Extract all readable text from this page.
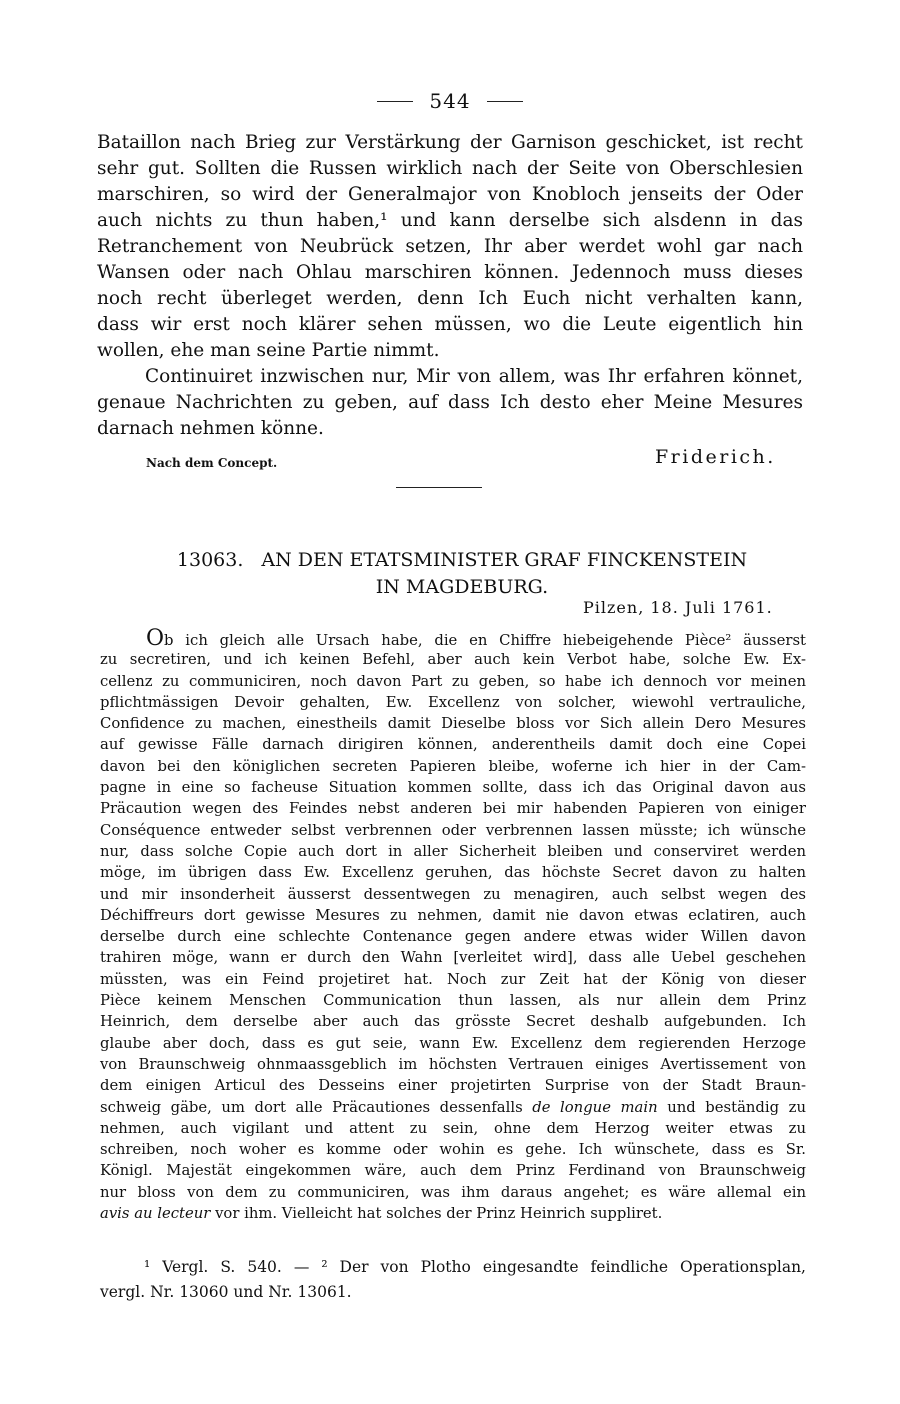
544
Bataillon nach Brieg zur Verstärkung der Garnison geschicket, ist recht
sehr gut. Sollten die Russen wirklich nach der Seite von Oberschlesien
marschiren, so wird der Generalmajor von Knobloch jenseits der Oder
auch nichts zu thun haben,¹ und kann derselbe sich alsdenn in das
Retranchement von Neubrück setzen, Ihr aber werdet wohl gar nach
Wansen oder nach Ohlau marschiren können. Jedennoch muss dieses
noch recht überleget werden, denn Ich Euch nicht verhalten kann,
dass wir erst noch klärer sehen müssen, wo die Leute eigentlich hin
wollen, ehe man seine Partie nimmt.
Continuiret inzwischen nur, Mir von allem, was Ihr erfahren könnet,
genaue Nachrichten zu geben, auf dass Ich desto eher Meine Mesures
darnach nehmen könne.
Nach dem Concept.	Friderich.
13063. AN DEN ETATSMINISTER GRAF FINCKENSTEIN
IN MAGDEBURG.
Pilzen, 18. Juli 1761.
Ob ich gleich alle Ursach habe, die en Chiffre hiebeigehende Pièce² äusserst
zu secretiren, und ich keinen Befehl, aber auch kein Verbot habe, solche Ew. Ex-
cellenz zu communiciren, noch davon Part zu geben, so habe ich dennoch vor meinen
pflichtmässigen Devoir gehalten, Ew. Excellenz von solcher, wiewohl vertrauliche,
Confidence zu machen, einestheils damit Dieselbe bloss vor Sich allein Dero Mesures
auf gewisse Fälle darnach dirigiren können, anderentheils damit doch eine Copei
davon bei den königlichen secreten Papieren bleibe, woferne ich hier in der Cam-
pagne in eine so facheuse Situation kommen sollte, dass ich das Original davon aus
Präcaution wegen des Feindes nebst anderen bei mir habenden Papieren von einiger
Conséquence entweder selbst verbrennen oder verbrennen lassen müsste; ich wünsche
nur, dass solche Copie auch dort in aller Sicherheit bleiben und conserviret werden
möge, im übrigen dass Ew. Excellenz geruhen, das höchste Secret davon zu halten
und mir insonderheit äusserst dessentwegen zu menagiren, auch selbst wegen des
Déchiffreurs dort gewisse Mesures zu nehmen, damit nie davon etwas eclatiren, auch
derselbe durch eine schlechte Contenance gegen andere etwas wider Willen davon
trahiren möge, wann er durch den Wahn [verleitet wird], dass alle Uebel geschehen
müssten, was ein Feind projetiret hat. Noch zur Zeit hat der König von dieser
Pièce keinem Menschen Communication thun lassen, als nur allein dem Prinz
Heinrich, dem derselbe aber auch das grösste Secret deshalb aufgebunden. Ich
glaube aber doch, dass es gut seie, wann Ew. Excellenz dem regierenden Herzoge
von Braunschweig ohnmaassgeblich im höchsten Vertrauen einiges Avertissement von
dem einigen Articul des Desseins einer projetirten Surprise von der Stadt Braun-
schweig gäbe, um dort alle Präcautiones dessenfalls de longue main und beständig zu
nehmen, auch vigilant und attent zu sein, ohne dem Herzog weiter etwas zu
schreiben, noch woher es komme oder wohin es gehe. Ich wünschete, dass es Sr.
Königl. Majestät eingekommen wäre, auch dem Prinz Ferdinand von Braunschweig
nur bloss von dem zu communiciren, was ihm daraus angehet; es wäre allemal ein
avis au lecteur vor ihm. Vielleicht hat solches der Prinz Heinrich suppliret.
¹ Vergl. S. 540. — ² Der von Plotho eingesandte feindliche Operationsplan,
vergl. Nr. 13060 und Nr. 13061.
